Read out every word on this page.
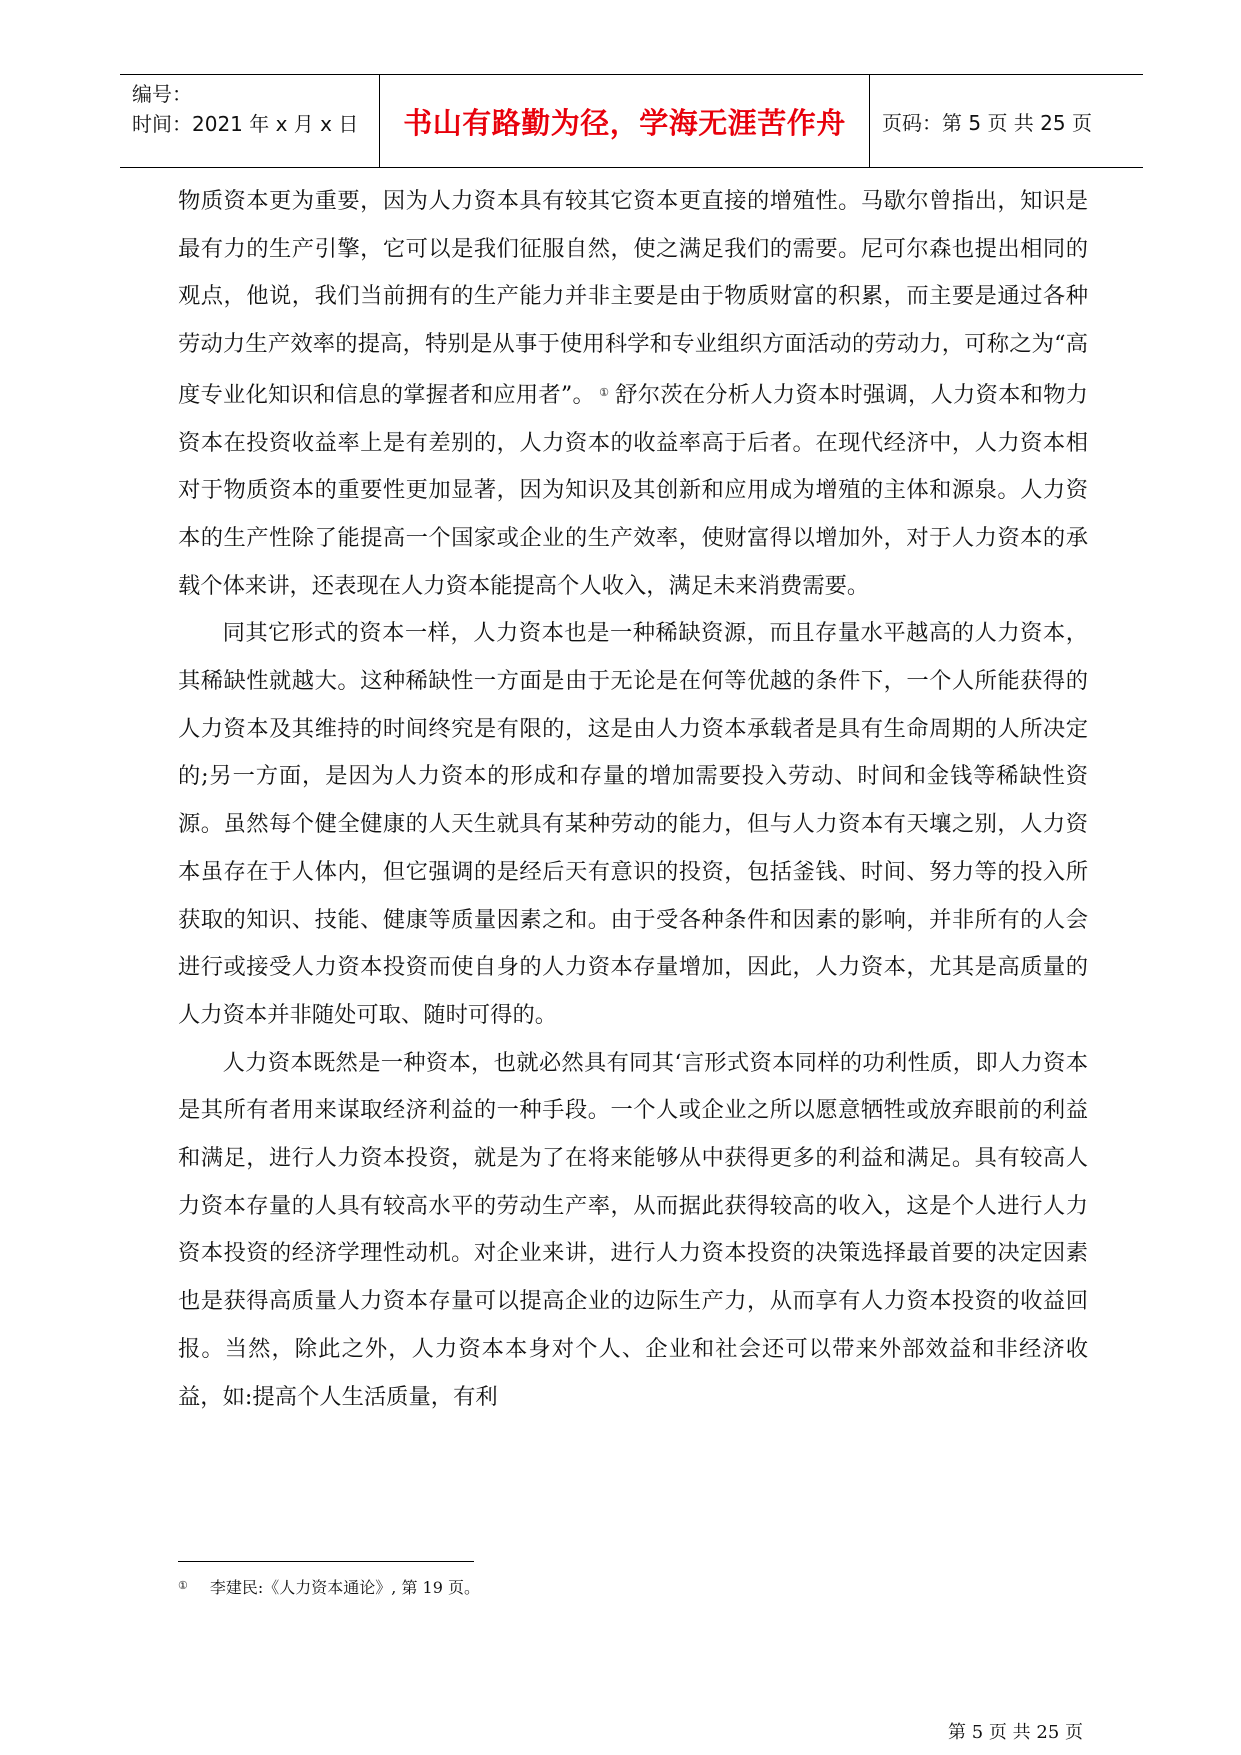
编号：
时间：2021 年 x 月 x 日	书山有路勤为径，学海无涯苦作舟	页码：第 5 页 共 25 页

物质资本更为重要，因为人力资本具有较其它资本更直接的增殖性。马歇尔曾指出，知识是最有力的生产引擎，它可以是我们征服自然，使之满足我们的需要。尼可尔森也提出相同的观点，他说，我们当前拥有的生产能力并非主要是由于物质财富的积累，而主要是通过各种劳动力生产效率的提高，特别是从事于使用科学和专业组织方面活动的劳动力，可称之为“高度专业化知识和信息的掌握者和应用者”。 ① 舒尔茨在分析人力资本时强调，人力资本和物力资本在投资收益率上是有差别的，人力资本的收益率高于后者。在现代经济中，人力资本相对于物质资本的重要性更加显著，因为知识及其创新和应用成为增殖的主体和源泉。人力资本的生产性除了能提高一个国家或企业的生产效率，使财富得以增加外，对于人力资本的承载个体来讲，还表现在人力资本能提高个人收入，满足未来消费需要。

同其它形式的资本一样，人力资本也是一种稀缺资源，而且存量水平越高的人力资本，其稀缺性就越大。这种稀缺性一方面是由于无论是在何等优越的条件下，一个人所能获得的人力资本及其维持的时间终究是有限的，这是由人力资本承载者是具有生命周期的人所决定的;另一方面，是因为人力资本的形成和存量的增加需要投入劳动、时间和金钱等稀缺性资源。虽然每个健全健康的人天生就具有某种劳动的能力，但与人力资本有天壤之别，人力资本虽存在于人体内，但它强调的是经后天有意识的投资，包括釜钱、时间、努力等的投入所获取的知识、技能、健康等质量因素之和。由于受各种条件和因素的影响，并非所有的人会进行或接受人力资本投资而使自身的人力资本存量增加，因此，人力资本，尤其是高质量的人力资本并非随处可取、随时可得的。

人力资本既然是一种资本，也就必然具有同其‘言形式资本同样的功利性质，即人力资本是其所有者用来谋取经济利益的一种手段。一个人或企业之所以愿意牺牲或放弃眼前的利益和满足，进行人力资本投资，就是为了在将来能够从中获得更多的利益和满足。具有较高人力资本存量的人具有较高水平的劳动生产率，从而据此获得较高的收入，这是个人进行人力资本投资的经济学理性动机。对企业来讲，进行人力资本投资的决策选择最首要的决定因素也是获得高质量人力资本存量可以提高企业的边际生产力，从而享有人力资本投资的收益回报。当然，除此之外，人力资本本身对个人、企业和社会还可以带来外部效益和非经济收益，如:提高个人生活质量，有利

① 李建民:《人力资本通论》, 第 19 页。
第 5 页 共 25 页
